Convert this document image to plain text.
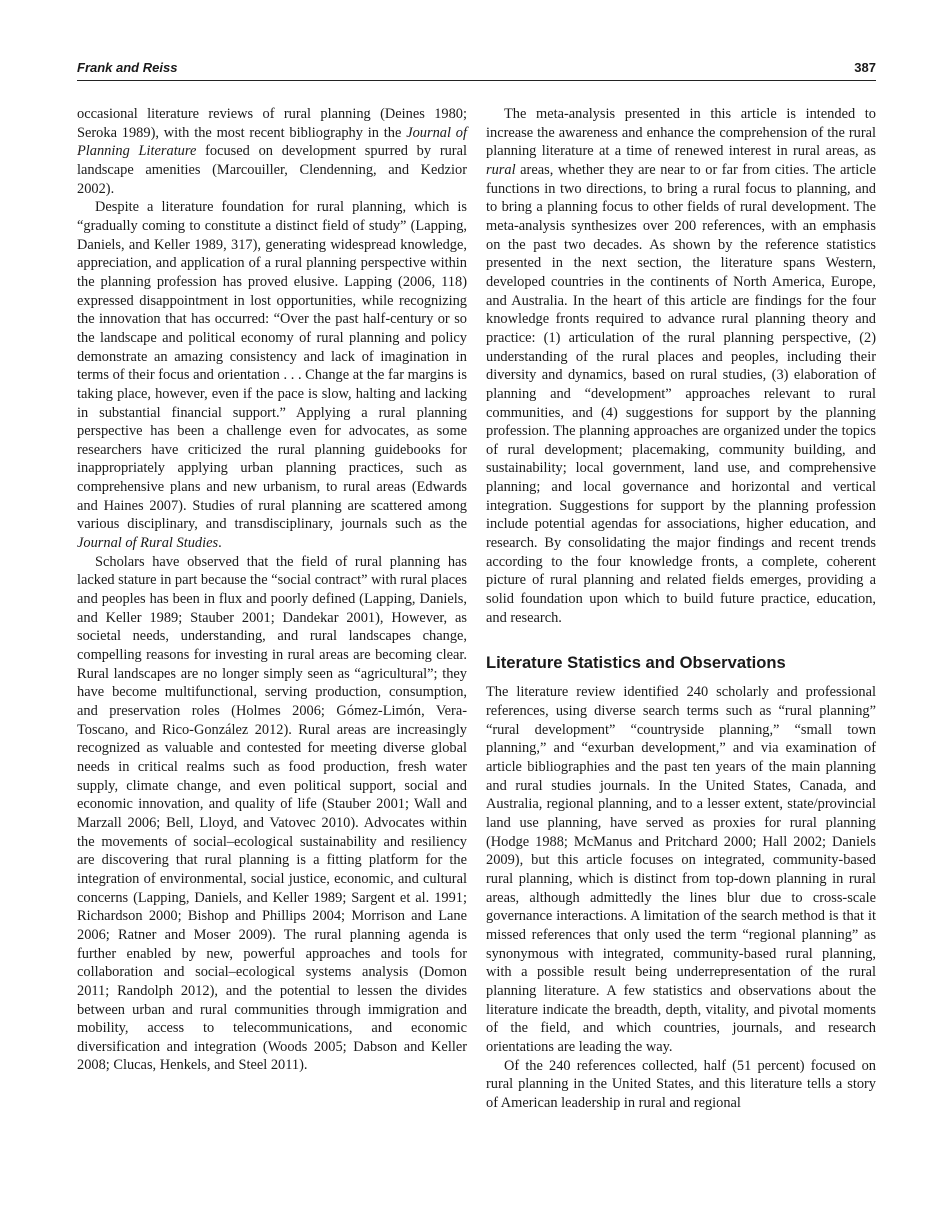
Frank and Reiss	387

occasional literature reviews of rural planning (Deines 1980; Seroka 1989), with the most recent bibliography in the Journal of Planning Literature focused on development spurred by rural landscape amenities (Marcouiller, Clendenning, and Kedzior 2002).

Despite a literature foundation for rural planning, which is “gradually coming to constitute a distinct field of study” (Lapping, Daniels, and Keller 1989, 317), generating widespread knowledge, appreciation, and application of a rural planning perspective within the planning profession has proved elusive. Lapping (2006, 118) expressed disappointment in lost opportunities, while recognizing the innovation that has occurred: “Over the past half-century or so the landscape and political economy of rural planning and policy demonstrate an amazing consistency and lack of imagination in terms of their focus and orientation . . . Change at the far margins is taking place, however, even if the pace is slow, halting and lacking in substantial financial support.” Applying a rural planning perspective has been a challenge even for advocates, as some researchers have criticized the rural planning guidebooks for inappropriately applying urban planning practices, such as comprehensive plans and new urbanism, to rural areas (Edwards and Haines 2007). Studies of rural planning are scattered among various disciplinary, and transdisciplinary, journals such as the Journal of Rural Studies.

Scholars have observed that the field of rural planning has lacked stature in part because the “social contract” with rural places and peoples has been in flux and poorly defined (Lapping, Daniels, and Keller 1989; Stauber 2001; Dandekar 2001), However, as societal needs, understanding, and rural landscapes change, compelling reasons for investing in rural areas are becoming clear. Rural landscapes are no longer simply seen as “agricultural”; they have become multifunctional, serving production, consumption, and preservation roles (Holmes 2006; Gómez-Limón, Vera-Toscano, and Rico-González 2012). Rural areas are increasingly recognized as valuable and contested for meeting diverse global needs in critical realms such as food production, fresh water supply, climate change, and even political support, social and economic innovation, and quality of life (Stauber 2001; Wall and Marzall 2006; Bell, Lloyd, and Vatovec 2010). Advocates within the movements of social–ecological sustainability and resiliency are discovering that rural planning is a fitting platform for the integration of environmental, social justice, economic, and cultural concerns (Lapping, Daniels, and Keller 1989; Sargent et al. 1991; Richardson 2000; Bishop and Phillips 2004; Morrison and Lane 2006; Ratner and Moser 2009). The rural planning agenda is further enabled by new, powerful approaches and tools for collaboration and social–ecological systems analysis (Domon 2011; Randolph 2012), and the potential to lessen the divides between urban and rural communities through immigration and mobility, access to telecommunications, and economic diversification and integration (Woods 2005; Dabson and Keller 2008; Clucas, Henkels, and Steel 2011).

The meta-analysis presented in this article is intended to increase the awareness and enhance the comprehension of the rural planning literature at a time of renewed interest in rural areas, as rural areas, whether they are near to or far from cities. The article functions in two directions, to bring a rural focus to planning, and to bring a planning focus to other fields of rural development. The meta-analysis synthesizes over 200 references, with an emphasis on the past two decades. As shown by the reference statistics presented in the next section, the literature spans Western, developed countries in the continents of North America, Europe, and Australia. In the heart of this article are findings for the four knowledge fronts required to advance rural planning theory and practice: (1) articulation of the rural planning perspective, (2) understanding of the rural places and peoples, including their diversity and dynamics, based on rural studies, (3) elaboration of planning and “development” approaches relevant to rural communities, and (4) suggestions for support by the planning profession. The planning approaches are organized under the topics of rural development; placemaking, community building, and sustainability; local government, land use, and comprehensive planning; and local governance and horizontal and vertical integration. Suggestions for support by the planning profession include potential agendas for associations, higher education, and research. By consolidating the major findings and recent trends according to the four knowledge fronts, a complete, coherent picture of rural planning and related fields emerges, providing a solid foundation upon which to build future practice, education, and research.

Literature Statistics and Observations

The literature review identified 240 scholarly and professional references, using diverse search terms such as “rural planning” “rural development” “countryside planning,” “small town planning,” and “exurban development,” and via examination of article bibliographies and the past ten years of the main planning and rural studies journals. In the United States, Canada, and Australia, regional planning, and to a lesser extent, state/provincial land use planning, have served as proxies for rural planning (Hodge 1988; McManus and Pritchard 2000; Hall 2002; Daniels 2009), but this article focuses on integrated, community-based rural planning, which is distinct from top-down planning in rural areas, although admittedly the lines blur due to cross-scale governance interactions. A limitation of the search method is that it missed references that only used the term “regional planning” as synonymous with integrated, community-based rural planning, with a possible result being underrepresentation of the rural planning literature. A few statistics and observations about the literature indicate the breadth, depth, vitality, and pivotal moments of the field, and which countries, journals, and research orientations are leading the way.

Of the 240 references collected, half (51 percent) focused on rural planning in the United States, and this literature tells a story of American leadership in rural and regional
